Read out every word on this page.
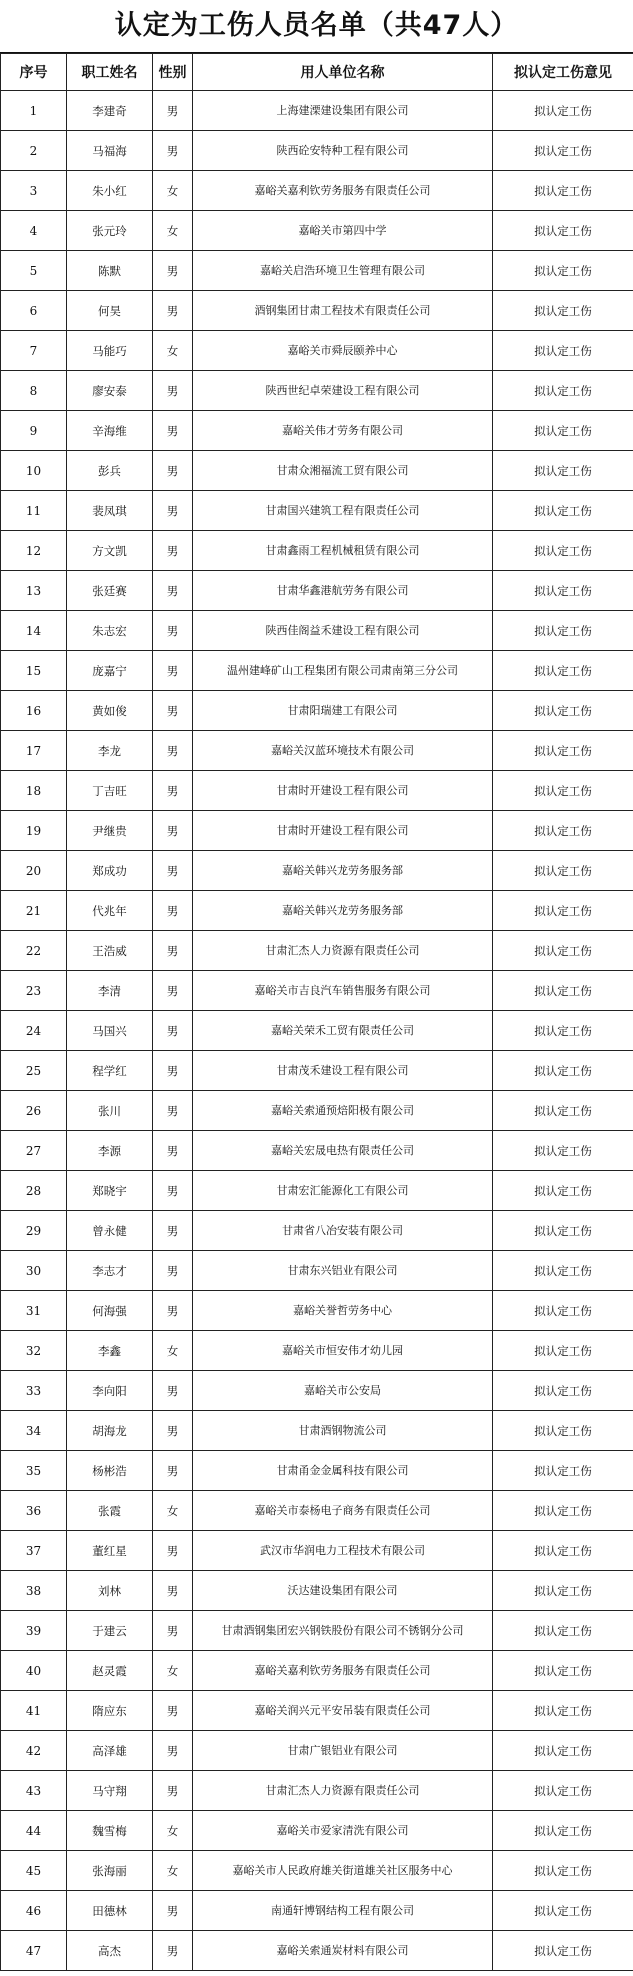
认定为工伤人员名单（共47人）
序号	职工姓名	性别	用人单位名称	拟认定工伤意见
1	李建奇	男	上海建溧建设集团有限公司	拟认定工伤
2	马福海	男	陕西砼安特种工程有限公司	拟认定工伤
3	朱小红	女	嘉峪关嘉利钦劳务服务有限责任公司	拟认定工伤
4	张元玲	女	嘉峪关市第四中学	拟认定工伤
5	陈默	男	嘉峪关启浩环境卫生管理有限公司	拟认定工伤
6	何昊	男	酒钢集团甘肃工程技术有限责任公司	拟认定工伤
7	马能巧	女	嘉峪关市舜辰颐养中心	拟认定工伤
8	廖安泰	男	陕西世纪卓荣建设工程有限公司	拟认定工伤
9	辛海维	男	嘉峪关伟才劳务有限公司	拟认定工伤
10	彭兵	男	甘肃众湘福流工贸有限公司	拟认定工伤
11	裴凤琪	男	甘肃国兴建筑工程有限责任公司	拟认定工伤
12	方文凯	男	甘肃鑫雨工程机械租赁有限公司	拟认定工伤
13	张廷赛	男	甘肃华鑫港航劳务有限公司	拟认定工伤
14	朱志宏	男	陕西佳阁益禾建设工程有限公司	拟认定工伤
15	庞嘉宁	男	温州建峰矿山工程集团有限公司肃南第三分公司	拟认定工伤
16	黄如俊	男	甘肃阳瑞建工有限公司	拟认定工伤
17	李龙	男	嘉峪关汉蓝环境技术有限公司	拟认定工伤
18	丁吉旺	男	甘肃时开建设工程有限公司	拟认定工伤
19	尹继贵	男	甘肃时开建设工程有限公司	拟认定工伤
20	郑成功	男	嘉峪关韩兴龙劳务服务部	拟认定工伤
21	代兆年	男	嘉峪关韩兴龙劳务服务部	拟认定工伤
22	王浩威	男	甘肃汇杰人力资源有限责任公司	拟认定工伤
23	李清	男	嘉峪关市吉良汽车销售服务有限公司	拟认定工伤
24	马国兴	男	嘉峪关荣禾工贸有限责任公司	拟认定工伤
25	程学红	男	甘肃茂禾建设工程有限公司	拟认定工伤
26	张川	男	嘉峪关索通预焙阳极有限公司	拟认定工伤
27	李源	男	嘉峪关宏晟电热有限责任公司	拟认定工伤
28	郑晓宇	男	甘肃宏汇能源化工有限公司	拟认定工伤
29	曾永健	男	甘肃省八冶安装有限公司	拟认定工伤
30	李志才	男	甘肃东兴铝业有限公司	拟认定工伤
31	何海强	男	嘉峪关誉哲劳务中心	拟认定工伤
32	李鑫	女	嘉峪关市恒安伟才幼儿园	拟认定工伤
33	李向阳	男	嘉峪关市公安局	拟认定工伤
34	胡海龙	男	甘肃酒钢物流公司	拟认定工伤
35	杨彬浩	男	甘肃甬金金属科技有限公司	拟认定工伤
36	张霞	女	嘉峪关市泰杨电子商务有限责任公司	拟认定工伤
37	董红星	男	武汉市华润电力工程技术有限公司	拟认定工伤
38	刘林	男	沃达建设集团有限公司	拟认定工伤
39	于建云	男	甘肃酒钢集团宏兴钢铁股份有限公司不锈钢分公司	拟认定工伤
40	赵灵霞	女	嘉峪关嘉利钦劳务服务有限责任公司	拟认定工伤
41	隋应东	男	嘉峪关润兴元平安吊装有限责任公司	拟认定工伤
42	高泽雄	男	甘肃广银铝业有限公司	拟认定工伤
43	马守翔	男	甘肃汇杰人力资源有限责任公司	拟认定工伤
44	魏雪梅	女	嘉峪关市爱家清洗有限公司	拟认定工伤
45	张海丽	女	嘉峪关市人民政府雄关街道雄关社区服务中心	拟认定工伤
46	田德林	男	南通轩博钢结构工程有限公司	拟认定工伤
47	高杰	男	嘉峪关索通炭材料有限公司	拟认定工伤
